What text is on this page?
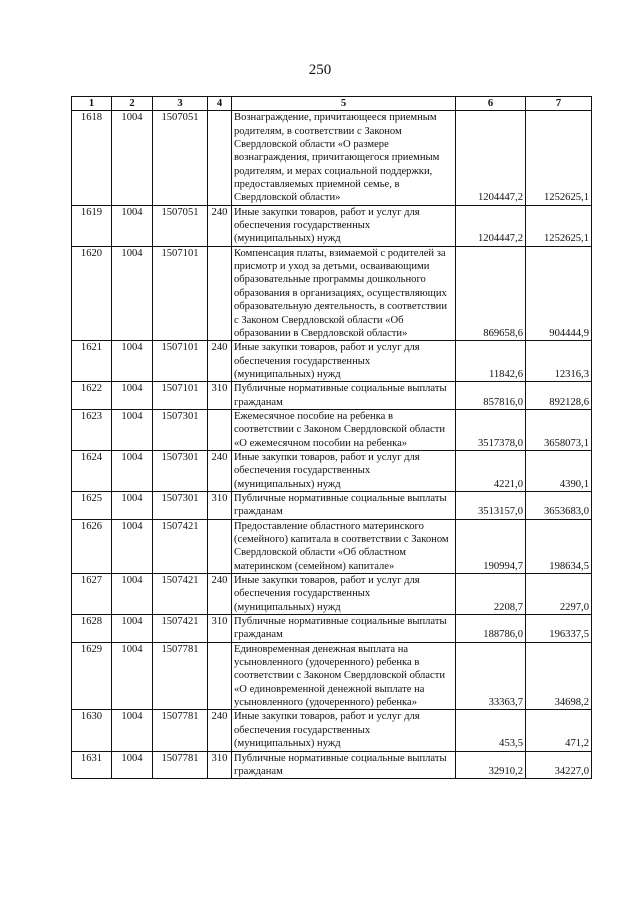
250
1	2	3	4	5	6	7
1618	1004	1507051		Вознаграждение, причитающееся приемным родителям, в соответствии с Законом Свердловской области «О размере вознаграждения, причитающегося приемным родителям, и мерах социальной поддержки, предоставляемых приемной семье, в Свердловской области»	1204447,2	1252625,1
1619	1004	1507051	240	Иные закупки товаров, работ и услуг для обеспечения государственных (муниципальных) нужд	1204447,2	1252625,1
1620	1004	1507101		Компенсация платы, взимаемой с родителей за присмотр и уход за детьми, осваивающими образовательные программы дошкольного образования в организациях, осуществляющих образовательную деятельность, в соответствии с Законом Свердловской области «Об образовании в Свердловской области»	869658,6	904444,9
1621	1004	1507101	240	Иные закупки товаров, работ и услуг для обеспечения государственных (муниципальных) нужд	11842,6	12316,3
1622	1004	1507101	310	Публичные нормативные социальные выплаты гражданам	857816,0	892128,6
1623	1004	1507301		Ежемесячное пособие на ребенка в соответствии с Законом Свердловской области «О ежемесячном пособии на ребенка»	3517378,0	3658073,1
1624	1004	1507301	240	Иные закупки товаров, работ и услуг для обеспечения государственных (муниципальных) нужд	4221,0	4390,1
1625	1004	1507301	310	Публичные нормативные социальные выплаты гражданам	3513157,0	3653683,0
1626	1004	1507421		Предоставление областного материнского (семейного) капитала в соответствии с Законом Свердловской области «Об областном материнском (семейном) капитале»	190994,7	198634,5
1627	1004	1507421	240	Иные закупки товаров, работ и услуг для обеспечения государственных (муниципальных) нужд	2208,7	2297,0
1628	1004	1507421	310	Публичные нормативные социальные выплаты гражданам	188786,0	196337,5
1629	1004	1507781		Единовременная денежная выплата на усыновленного (удочеренного) ребенка в соответствии с Законом Свердловской области «О единовременной денежной выплате на усыновленного (удочеренного) ребенка»	33363,7	34698,2
1630	1004	1507781	240	Иные закупки товаров, работ и услуг для обеспечения государственных (муниципальных) нужд	453,5	471,2
1631	1004	1507781	310	Публичные нормативные социальные выплаты гражданам	32910,2	34227,0
